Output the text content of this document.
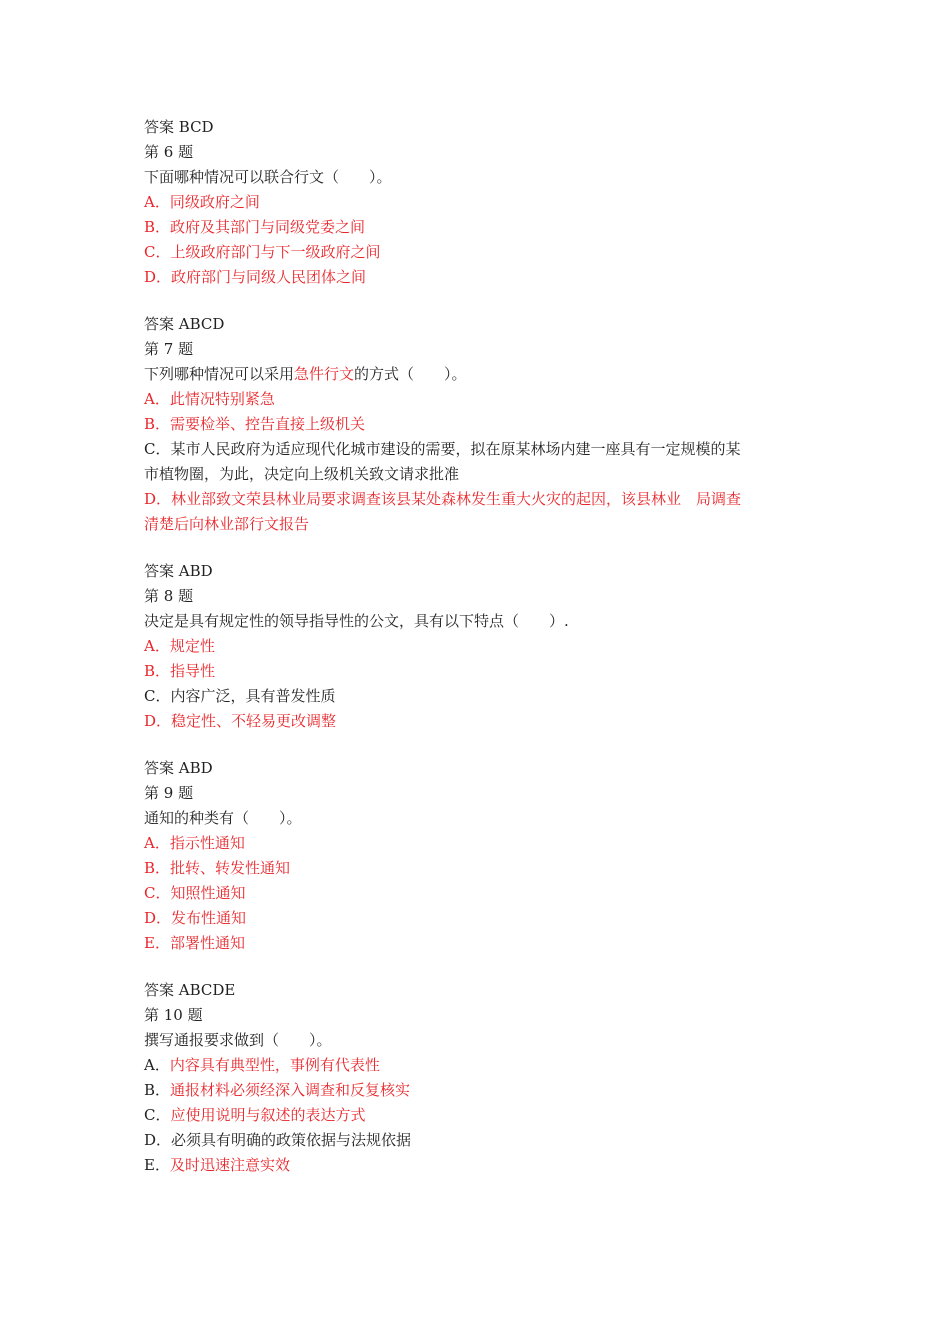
答案 BCD
第 6 题
下面哪种情况可以联合行文（　　）。
A．同级政府之间
B．政府及其部门与同级党委之间
C．上级政府部门与下一级政府之间
D．政府部门与同级人民团体之间
答案 ABCD
第 7 题
下列哪种情况可以采用急件行文的方式（　　）。
A．此情况特别紧急
B．需要检举、控告直接上级机关
C．某市人民政府为适应现代化城市建设的需要，拟在原某林场内建一座具有一定规模的某
市植物圈，为此，决定向上级机关致文请求批准
D．林业部致文荣县林业局要求调查该县某处森林发生重大火灾的起因，该县林业　局调查
清楚后向林业部行文报告
答案 ABD
第 8 题
决定是具有规定性的领导指导性的公文，具有以下特点（　　）.
A．规定性
B．指导性
C．内容广泛，具有普发性质
D．稳定性、不轻易更改调整
答案 ABD
第 9 题
通知的种类有（　　）。
A．指示性通知
B．批转、转发性通知
C．知照性通知
D．发布性通知
E．部署性通知
答案 ABCDE
第 10 题
撰写通报要求做到（　　）。
A．内容具有典型性，事例有代表性
B．通报材料必须经深入调查和反复核实
C．应使用说明与叙述的表达方式
D．必须具有明确的政策依据与法规依据
E．及时迅速注意实效
